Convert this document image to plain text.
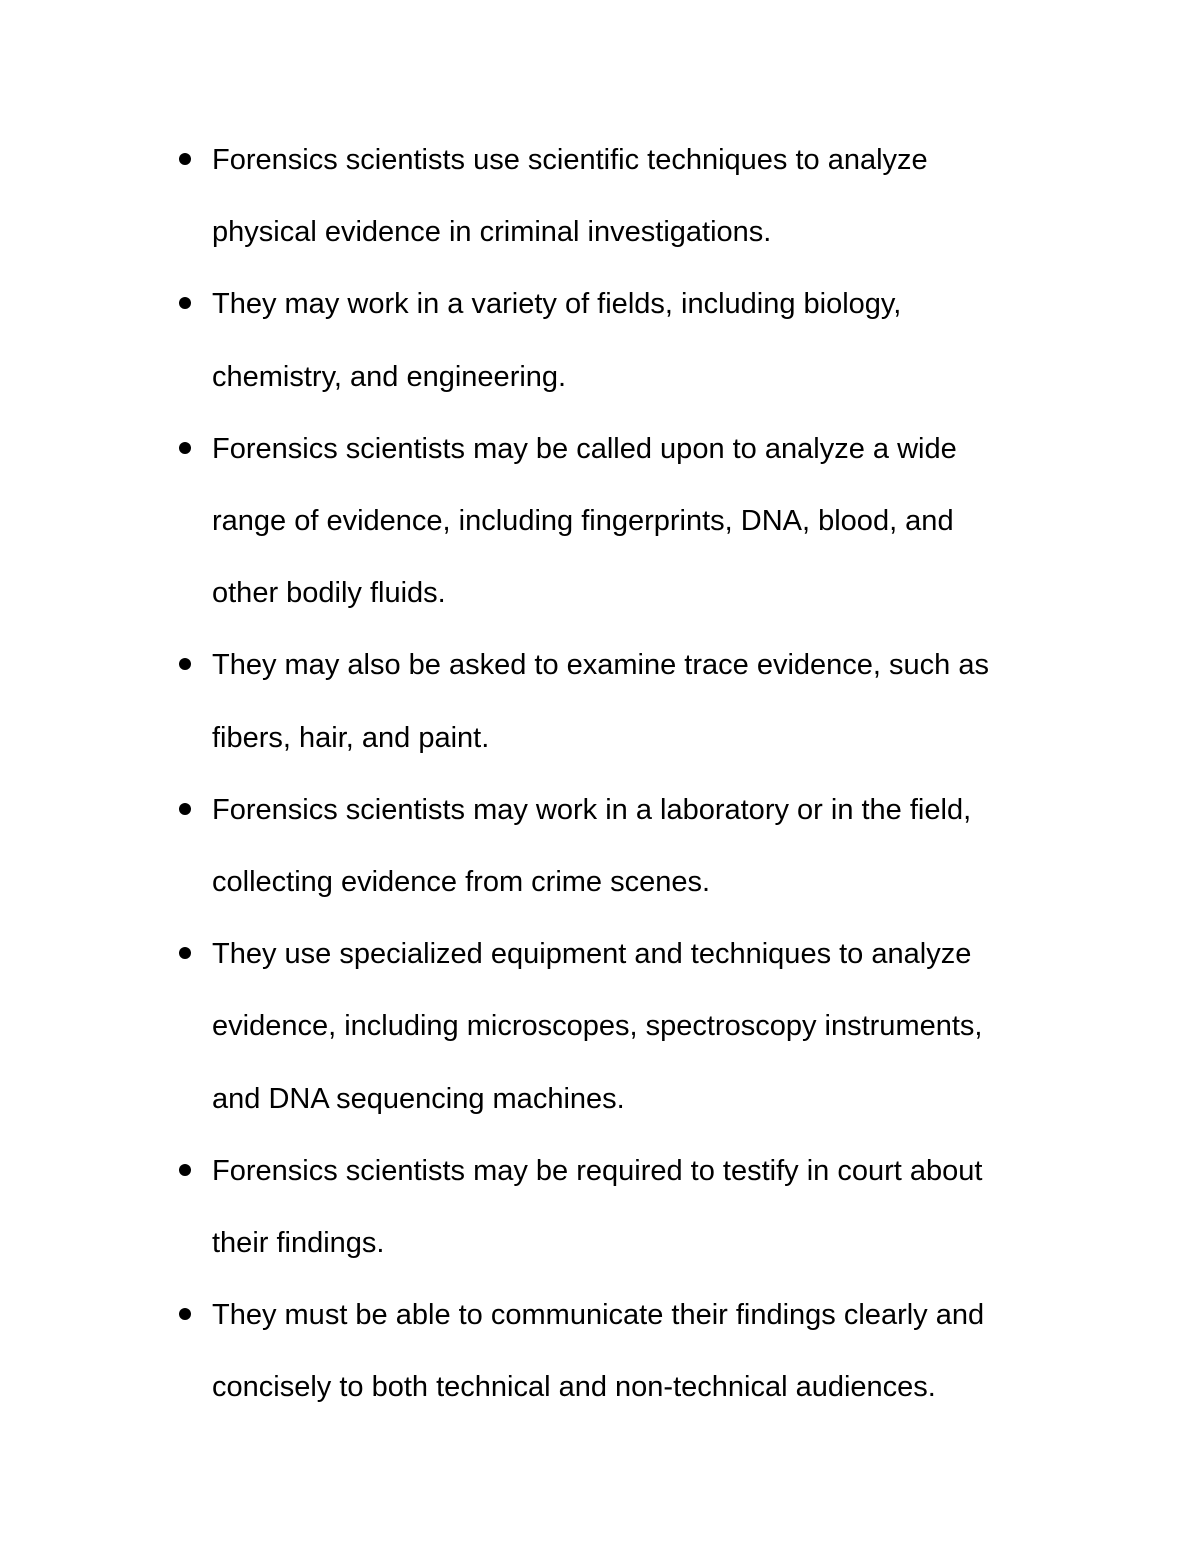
Forensics scientists use scientific techniques to analyze
physical evidence in criminal investigations.
They may work in a variety of fields, including biology,
chemistry, and engineering.
Forensics scientists may be called upon to analyze a wide
range of evidence, including fingerprints, DNA, blood, and
other bodily fluids.
They may also be asked to examine trace evidence, such as
fibers, hair, and paint.
Forensics scientists may work in a laboratory or in the field,
collecting evidence from crime scenes.
They use specialized equipment and techniques to analyze
evidence, including microscopes, spectroscopy instruments,
and DNA sequencing machines.
Forensics scientists may be required to testify in court about
their findings.
They must be able to communicate their findings clearly and
concisely to both technical and non-technical audiences.
